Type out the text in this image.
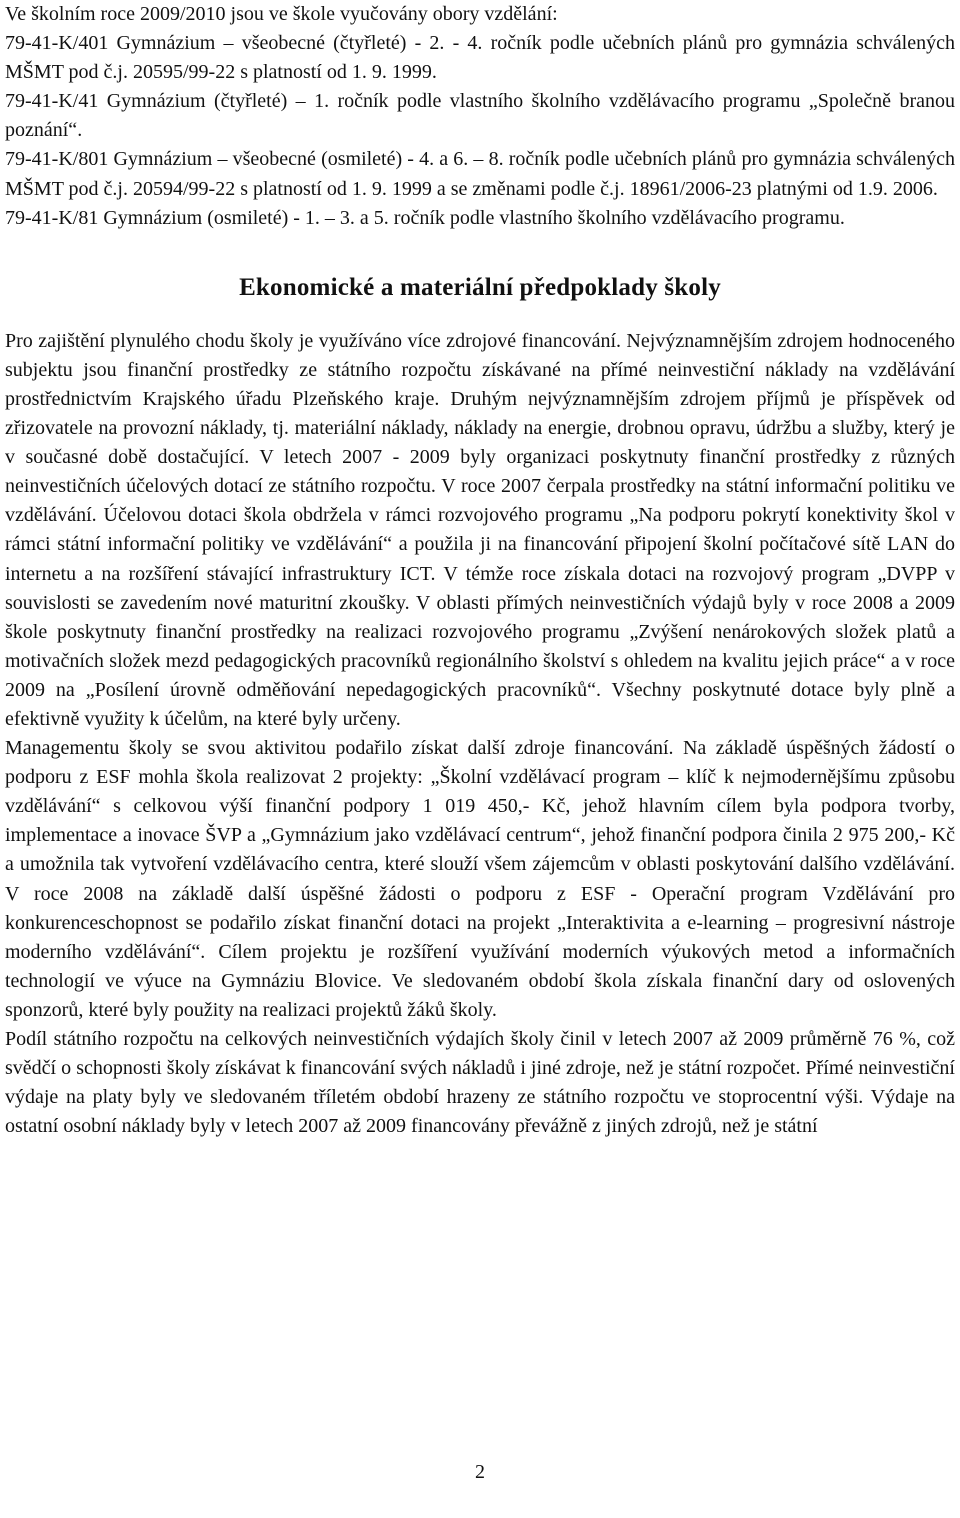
Ve školním roce 2009/2010 jsou ve škole vyučovány obory vzdělání:

79-41-K/401 Gymnázium – všeobecné (čtyřleté) - 2. - 4. ročník podle učebních plánů pro gymnázia schválených MŠMT pod č.j. 20595/99-22 s platností od 1. 9. 1999.

79-41-K/41 Gymnázium (čtyřleté) – 1. ročník podle vlastního školního vzdělávacího programu „Společně branou poznání“.

79-41-K/801 Gymnázium – všeobecné (osmileté) - 4. a 6. – 8. ročník podle učebních plánů pro gymnázia schválených MŠMT pod č.j. 20594/99-22 s platností od 1. 9. 1999 a se změnami podle č.j. 18961/2006-23 platnými od 1.9. 2006.

79-41-K/81 Gymnázium (osmileté) - 1. – 3. a 5. ročník podle vlastního školního vzdělávacího programu.

Ekonomické a materiální předpoklady školy

Pro zajištění plynulého chodu školy je využíváno více zdrojové financování. Nejvýznamnějším zdrojem hodnoceného subjektu jsou finanční prostředky ze státního rozpočtu získávané na přímé neinvestiční náklady na vzdělávání prostřednictvím Krajského úřadu Plzeňského kraje. Druhým nejvýznamnějším zdrojem příjmů je příspěvek od zřizovatele na provozní náklady, tj. materiální náklady, náklady na energie, drobnou opravu, údržbu a služby, který je v současné době dostačující. V letech 2007 - 2009 byly organizaci poskytnuty finanční prostředky z různých neinvestičních účelových dotací ze státního rozpočtu. V roce 2007 čerpala prostředky na státní informační politiku ve vzdělávání. Účelovou dotaci škola obdržela v rámci rozvojového programu „Na podporu pokrytí konektivity škol v rámci státní informační politiky ve vzdělávání“ a použila ji na financování připojení školní počítačové sítě LAN do internetu a na rozšíření stávající infrastruktury ICT. V témže roce získala dotaci na rozvojový program „DVPP v souvislosti se zavedením nové maturitní zkoušky. V oblasti přímých neinvestičních výdajů byly v roce 2008 a 2009 škole poskytnuty finanční prostředky na realizaci rozvojového programu „Zvýšení nenárokových složek platů a motivačních složek mezd pedagogických pracovníků regionálního školství s ohledem na kvalitu jejich práce“ a v roce 2009 na „Posílení úrovně odměňování nepedagogických pracovníků“. Všechny poskytnuté dotace byly plně a efektivně využity k účelům, na které byly určeny.

Managementu školy se svou aktivitou podařilo získat další zdroje financování. Na základě úspěšných žádostí o podporu z ESF mohla škola realizovat 2 projekty: „Školní vzdělávací program – klíč k nejmodernějšímu způsobu vzdělávání“ s celkovou výší finanční podpory 1 019 450,- Kč, jehož hlavním cílem byla podpora tvorby, implementace a inovace ŠVP a „Gymnázium jako vzdělávací centrum“, jehož finanční podpora činila 2 975 200,- Kč a umožnila tak vytvoření vzdělávacího centra, které slouží všem zájemcům v oblasti poskytování dalšího vzdělávání. V roce 2008 na základě další úspěšné žádosti o podporu z ESF - Operační program Vzdělávání pro konkurenceschopnost se podařilo získat finanční dotaci na projekt „Interaktivita a e-learning – progresivní nástroje moderního vzdělávání“. Cílem projektu je rozšíření využívání moderních výukových metod a informačních technologií ve výuce na Gymnáziu Blovice. Ve sledovaném období škola získala finanční dary od oslovených sponzorů, které byly použity na realizaci projektů žáků školy.

Podíl státního rozpočtu na celkových neinvestičních výdajích školy činil v letech 2007 až 2009 průměrně 76 %, což svědčí o schopnosti školy získávat k financování svých nákladů i jiné zdroje, než je státní rozpočet. Přímé neinvestiční výdaje na platy byly ve sledovaném tříletém období hrazeny ze státního rozpočtu ve stoprocentní výši. Výdaje na ostatní osobní náklady byly v letech 2007 až 2009 financovány převážně z jiných zdrojů, než je státní

2
